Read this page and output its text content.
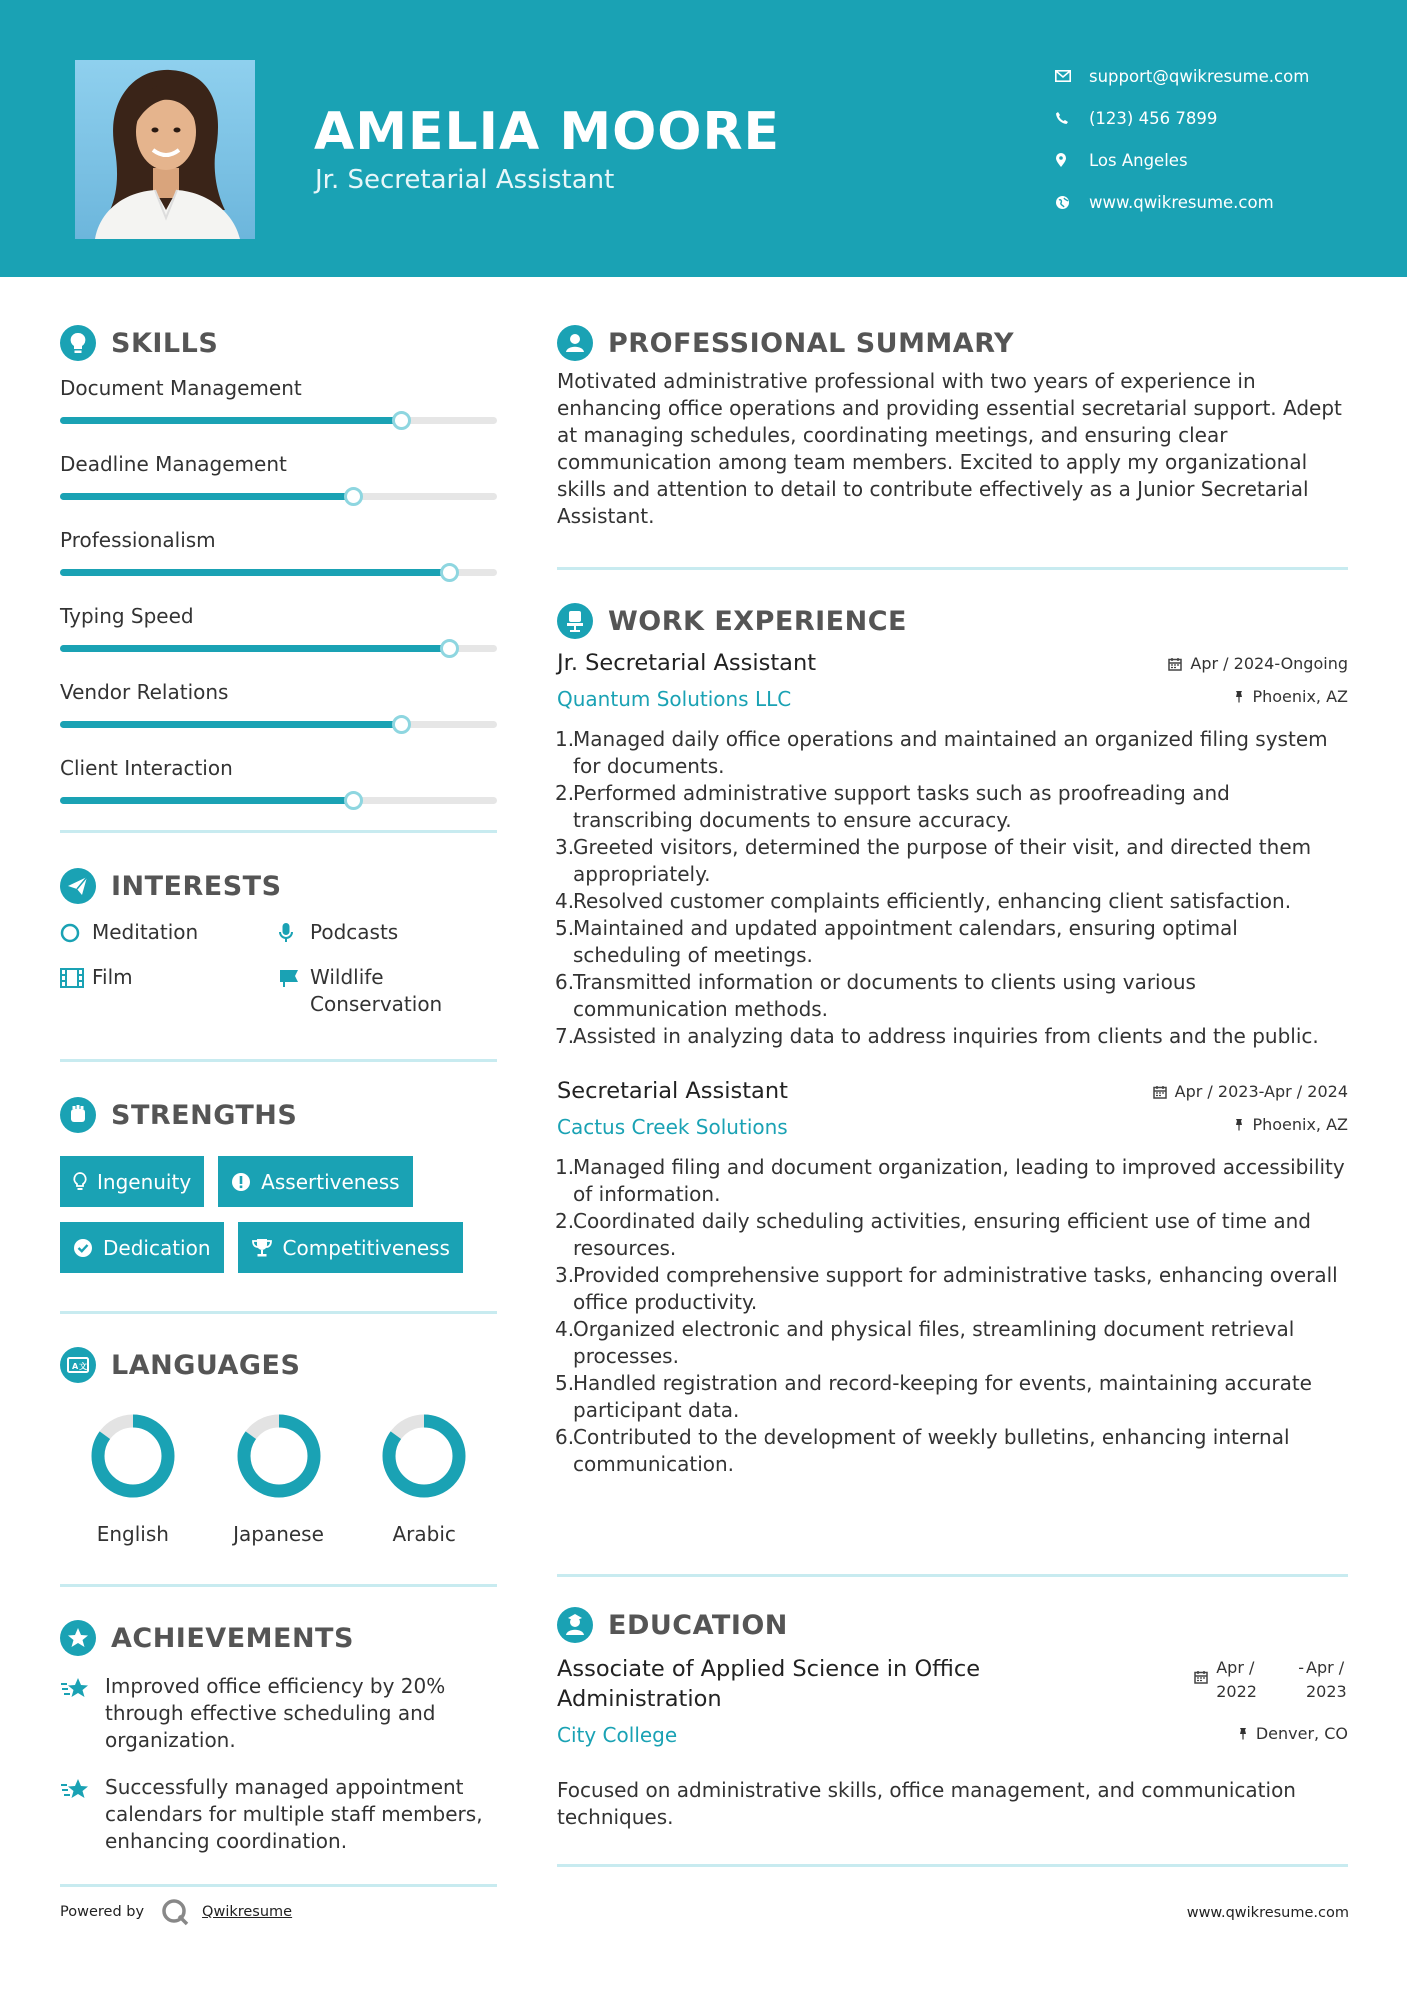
AMELIA MOORE
Jr. Secretarial Assistant
support@qwikresume.com
(123) 456 7899
Los Angeles
www.qwikresume.com
SKILLS
Document Management
Deadline Management
Professionalism
Typing Speed
Vendor Relations
Client Interaction
INTERESTS
Meditation	Podcasts
Film	Wildlife Conservation
STRENGTHS
Ingenuity	Assertiveness
Dedication	Competitiveness
A 文 LANGUAGES
English	Japanese	Arabic
ACHIEVEMENTS
Improved office efficiency by 20% through effective scheduling and organization.
Successfully managed appointment calendars for multiple staff members, enhancing coordination.
Powered by	Qwikresume	www.qwikresume.com
PROFESSIONAL SUMMARY
Motivated administrative professional with two years of experience in enhancing office operations and providing essential secretarial support. Adept at managing schedules, coordinating meetings, and ensuring clear communication among team members. Excited to apply my organizational skills and attention to detail to contribute effectively as a Junior Secretarial Assistant.
WORK EXPERIENCE
Jr. Secretarial Assistant
Quantum Solutions LLC
Apr / 2024-Ongoing
Phoenix, AZ
1.
Managed daily office operations and maintained an organized filing system for documents.
2.
Performed administrative support tasks such as proofreading and transcribing documents to ensure accuracy.
3.
Greeted visitors, determined the purpose of their visit, and directed them appropriately.
4.
Resolved customer complaints efficiently, enhancing client satisfaction.
5.
Maintained and updated appointment calendars, ensuring optimal scheduling of meetings.
6.
Transmitted information or documents to clients using various communication methods.
7.
Assisted in analyzing data to address inquiries from clients and the public.
Secretarial Assistant
Cactus Creek Solutions
Apr / 2023-Apr / 2024
Phoenix, AZ
1.
Managed filing and document organization, leading to improved accessibility of information.
2.
Coordinated daily scheduling activities, ensuring efficient use of time and resources.
3.
Provided comprehensive support for administrative tasks, enhancing overall office productivity.
4.
Organized electronic and physical files, streamlining document retrieval processes.
5.
Handled registration and record-keeping for events, maintaining accurate participant data.
6.
Contributed to the development of weekly bulletins, enhancing internal communication.
EDUCATION
Associate of Applied Science in Office Administration
City College
Apr / 2022
- Apr / 2023
Denver, CO
Focused on administrative skills, office management, and communication techniques.
